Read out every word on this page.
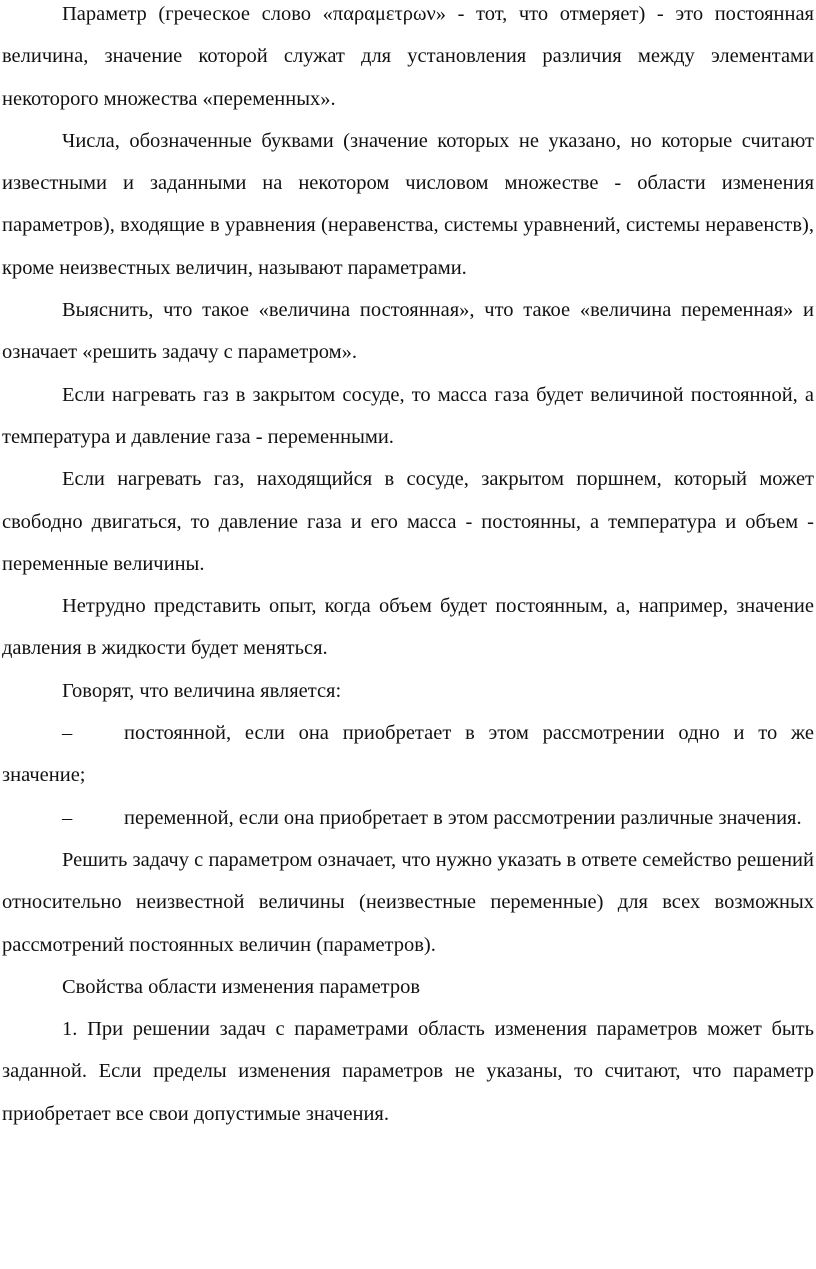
Параметр (греческое слово «παραμετρων» - тот, что отмеряет) - это постоянная величина, значение которой служат для установления различия между элементами некоторого множества «переменных».

Числа, обозначенные буквами (значение которых не указано, но которые считают известными и заданными на некотором числовом множестве - области изменения параметров), входящие в уравнения (неравенства, системы уравнений, системы неравенств), кроме неизвестных величин, называют параметрами.

Выяснить, что такое «величина постоянная», что такое «величина переменная» и означает «решить задачу с параметром».

Если нагревать газ в закрытом сосуде, то масса газа будет величиной постоянной, а температура и давление газа - переменными.

Если нагревать газ, находящийся в сосуде, закрытом поршнем, который может свободно двигаться, то давление газа и его масса - постоянны, а температура и объем - переменные величины.

Нетрудно представить опыт, когда объем будет постоянным, а, например, значение давления в жидкости будет меняться.

Говорят, что величина является:

–	постоянной, если она приобретает в этом рассмотрении одно и то же значение;

–	переменной, если она приобретает в этом рассмотрении различные значения.

Решить задачу с параметром означает, что нужно указать в ответе семейство решений относительно неизвестной величины (неизвестные переменные) для всех возможных рассмотрений постоянных величин (параметров).

Свойства области изменения параметров

1. При решении задач с параметрами область изменения параметров может быть заданной. Если пределы изменения параметров не указаны, то считают, что параметр приобретает все свои допустимые значения.
